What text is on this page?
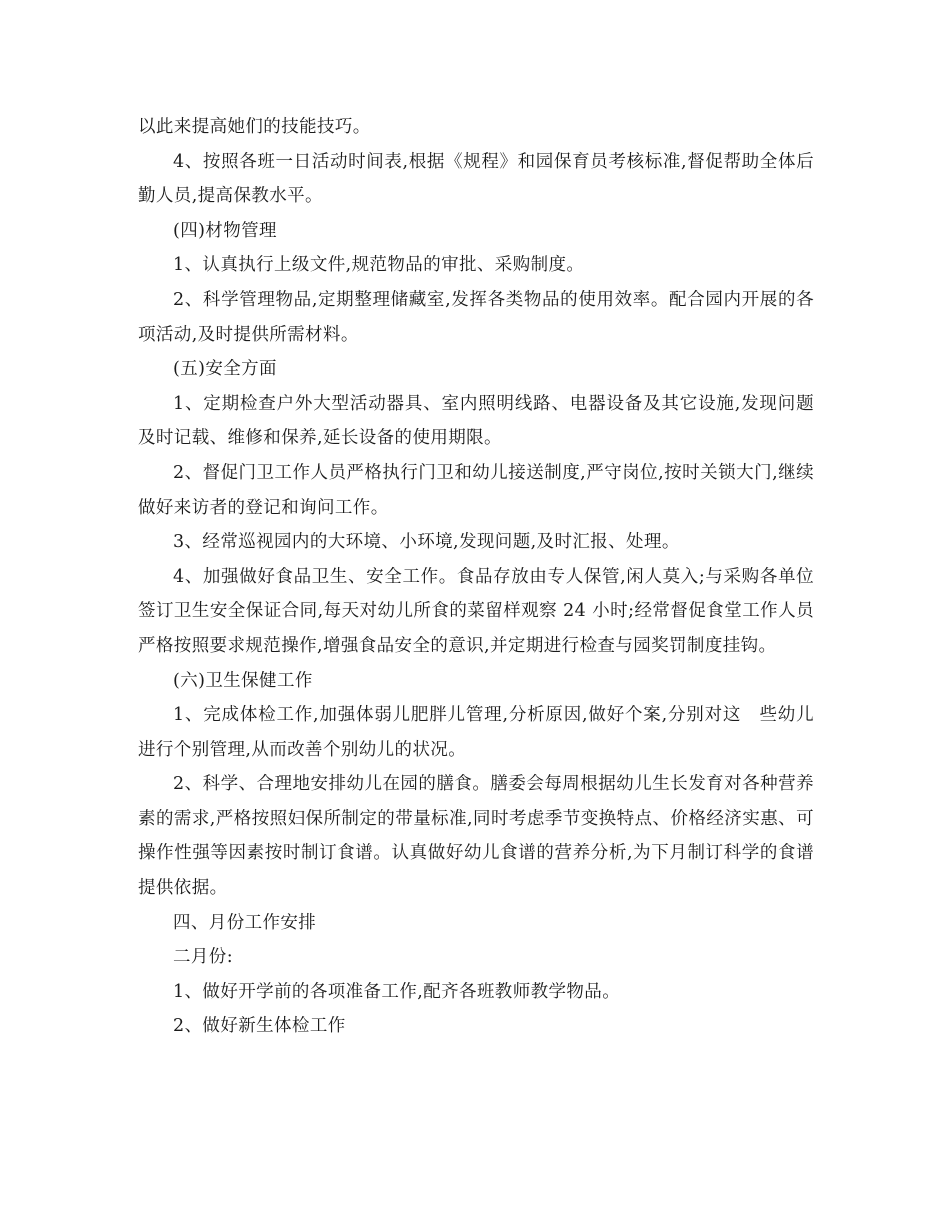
以此来提高她们的技能技巧。

4、按照各班一日活动时间表,根据《规程》和园保育员考核标准,督促帮助全体后勤人员,提高保教水平。

(四)材物管理

1、认真执行上级文件,规范物品的审批、采购制度。

2、科学管理物品,定期整理储藏室,发挥各类物品的使用效率。配合园内开展的各项活动,及时提供所需材料。

(五)安全方面

1、定期检查户外大型活动器具、室内照明线路、电器设备及其它设施,发现问题及时记载、维修和保养,延长设备的使用期限。

2、督促门卫工作人员严格执行门卫和幼儿接送制度,严守岗位,按时关锁大门,继续做好来访者的登记和询问工作。

3、经常巡视园内的大环境、小环境,发现问题,及时汇报、处理。

4、加强做好食品卫生、安全工作。食品存放由专人保管,闲人莫入;与采购各单位签订卫生安全保证合同,每天对幼儿所食的菜留样观察 24 小时;经常督促食堂工作人员严格按照要求规范操作,增强食品安全的意识,并定期进行检查与园奖罚制度挂钩。

(六)卫生保健工作

1、完成体检工作,加强体弱儿肥胖儿管理,分析原因,做好个案,分别对这　些幼儿进行个别管理,从而改善个别幼儿的状况。

2、科学、合理地安排幼儿在园的膳食。膳委会每周根据幼儿生长发育对各种营养素的需求,严格按照妇保所制定的带量标准,同时考虑季节变换特点、价格经济实惠、可操作性强等因素按时制订食谱。认真做好幼儿食谱的营养分析,为下月制订科学的食谱提供依据。

四、月份工作安排

二月份:

1、做好开学前的各项准备工作,配齐各班教师教学物品。

2、做好新生体检工作
